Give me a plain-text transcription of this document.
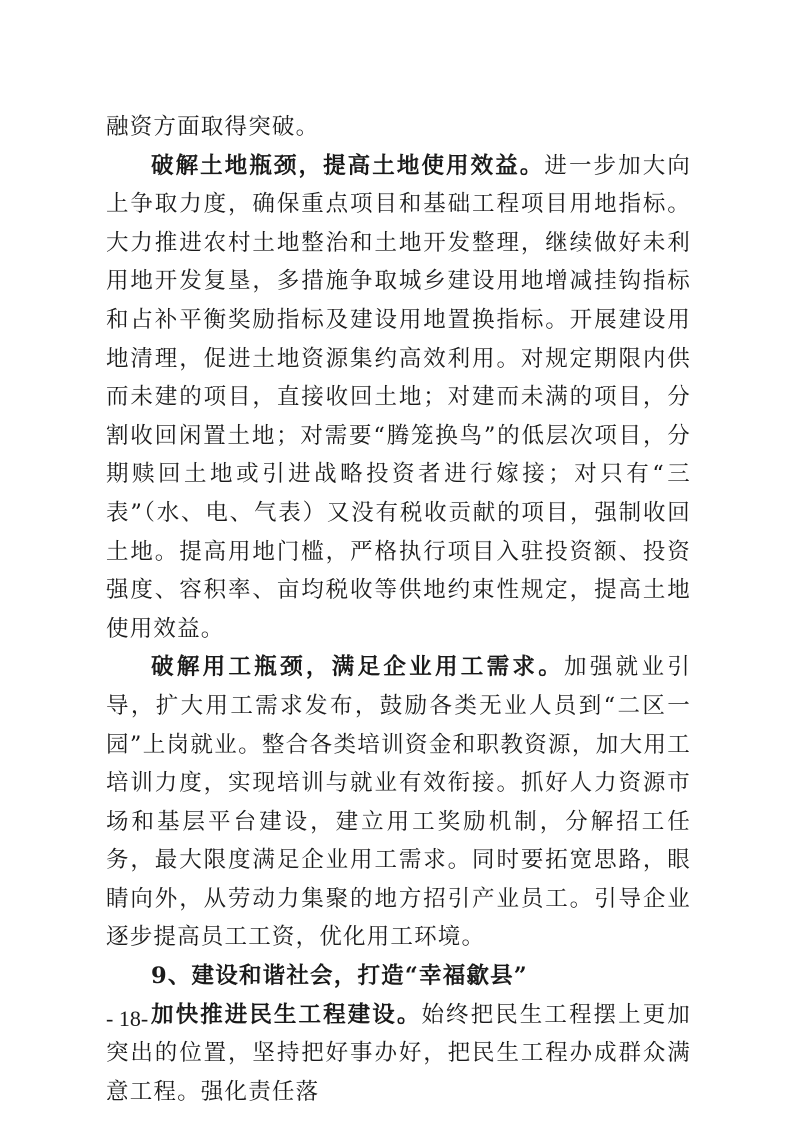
融资方面取得突破。

破解土地瓶颈，提高土地使用效益。进一步加大向上争取力度，确保重点项目和基础工程项目用地指标。大力推进农村土地整治和土地开发整理，继续做好未利用地开发复垦，多措施争取城乡建设用地增减挂钩指标和占补平衡奖励指标及建设用地置换指标。开展建设用地清理，促进土地资源集约高效利用。对规定期限内供而未建的项目，直接收回土地；对建而未满的项目，分割收回闲置土地；对需要“腾笼换鸟”的低层次项目，分期赎回土地或引进战略投资者进行嫁接；对只有“三表”（水、电、气表）又没有税收贡献的项目，强制收回土地。提高用地门槛，严格执行项目入驻投资额、投资强度、容积率、亩均税收等供地约束性规定，提高土地使用效益。

破解用工瓶颈，满足企业用工需求。加强就业引导，扩大用工需求发布，鼓励各类无业人员到“二区一园”上岗就业。整合各类培训资金和职教资源，加大用工培训力度，实现培训与就业有效衔接。抓好人力资源市场和基层平台建设，建立用工奖励机制，分解招工任务，最大限度满足企业用工需求。同时要拓宽思路，眼睛向外，从劳动力集聚的地方招引产业员工。引导企业逐步提高员工工资，优化用工环境。

9、建设和谐社会，打造“幸福歙县”

加快推进民生工程建设。始终把民生工程摆上更加突出的位置，坚持把好事办好，把民生工程办成群众满意工程。强化责任落

- 18-
